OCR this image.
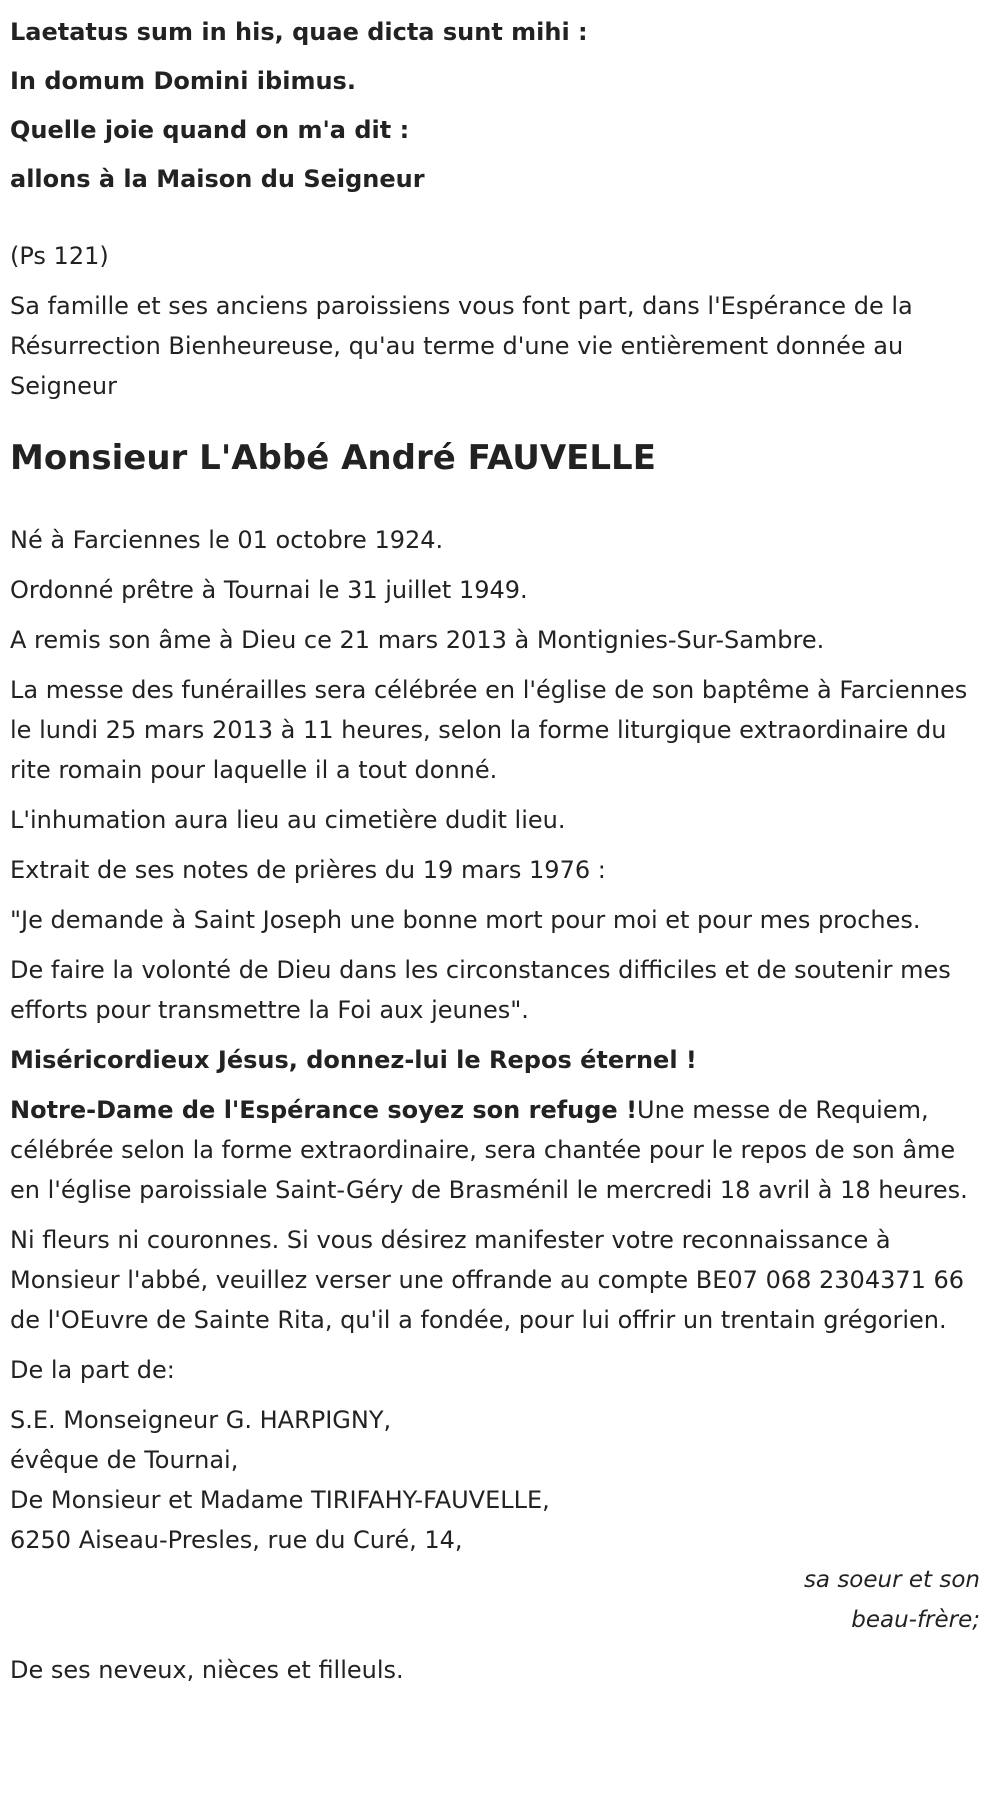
Laetatus sum in his, quae dicta sunt mihi :
In domum Domini ibimus.
Quelle joie quand on m'a dit :
allons à la Maison du Seigneur

(Ps 121)

Sa famille et ses anciens paroissiens vous font part, dans l'Espérance de la Résurrection Bienheureuse, qu'au terme d'une vie entièrement donnée au Seigneur

Monsieur L'Abbé André FAUVELLE

Né à Farciennes le 01 octobre 1924.

Ordonné prêtre à Tournai le 31 juillet 1949.

A remis son âme à Dieu ce 21 mars 2013 à Montignies-Sur-Sambre.

La messe des funérailles sera célébrée en l'église de son baptême à Farciennes le lundi 25 mars 2013 à 11 heures, selon la forme liturgique extraordinaire du rite romain pour laquelle il a tout donné.

L'inhumation aura lieu au cimetière dudit lieu.

Extrait de ses notes de prières du 19 mars 1976 :

"Je demande à Saint Joseph une bonne mort pour moi et pour mes proches.

De faire la volonté de Dieu dans les circonstances difficiles et de soutenir mes efforts pour transmettre la Foi aux jeunes".

Miséricordieux Jésus, donnez-lui le Repos éternel !

Notre-Dame de l'Espérance soyez son refuge !Une messe de Requiem, célébrée selon la forme extraordinaire, sera chantée pour le repos de son âme en l'église paroissiale Saint-Géry de Brasménil le mercredi 18 avril à 18 heures.

Ni fleurs ni couronnes. Si vous désirez manifester votre reconnaissance à Monsieur l'abbé, veuillez verser une offrande au compte BE07 068 2304371 66 de l'OEuvre de Sainte Rita, qu'il a fondée, pour lui offrir un trentain grégorien.

De la part de:

S.E. Monseigneur G. HARPIGNY,

évêque de Tournai,

De Monsieur et Madame TIRIFAHY-FAUVELLE,

6250 Aiseau-Presles, rue du Curé, 14,

sa soeur et son
beau-frère;

De ses neveux, nièces et filleuls.
